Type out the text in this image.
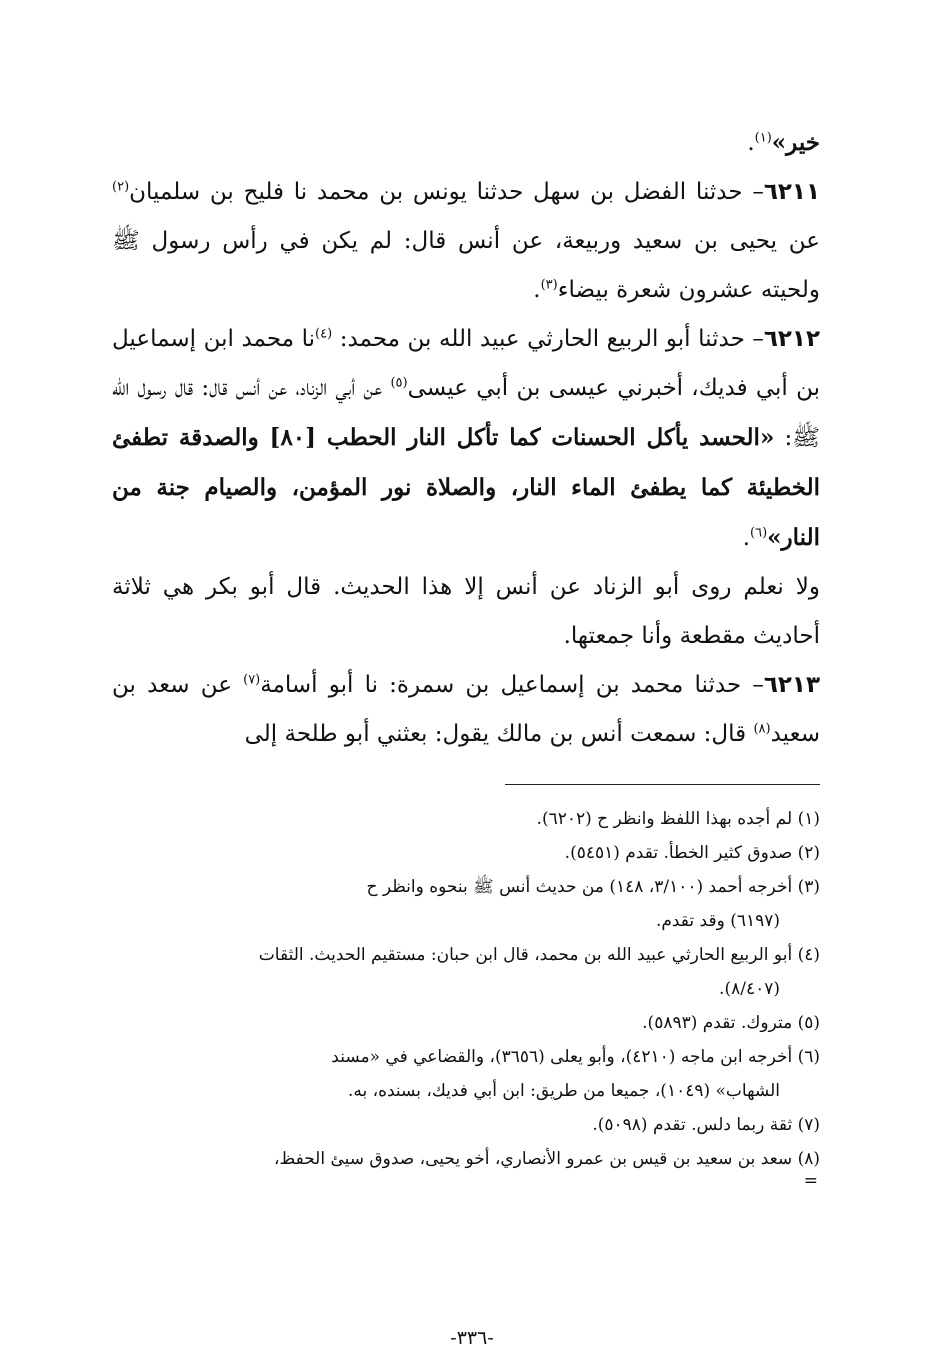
خير»$^{(١)}$.

٦٢١١– حدثنا الفضل بن سهل حدثنا يونس بن محمد نا فليح بن سلميان$^{(٢)}$ عن يحيى بن سعيد وربيعة، عن أنس قال: لم يكن في رأس رسول ﷺ ولحيته عشرون شعرة بيضاء$^{(٣)}$.

٦٢١٢– حدثنا أبو الربيع الحارثي عبيد الله بن محمد: $^{(٤)}$نا محمد ابن إسماعيل بن أبي فديك، أخبرني عيسى بن أبي عيسى$^{(٥)}$ عن أبي الزناد، عن أنس قال: قال رسول الله ﷺ: «الحسد يأكل الحسنات كما تأكل النار الحطب [٨٠] والصدقة تطفئ الخطيئة كما يطفئ الماء النار، والصلاة نور المؤمن، والصيام جنة من النار»$^{(٦)}$.

ولا نعلم روى أبو الزناد عن أنس إلا هذا الحديث. قال أبو بكر هي ثلاثة أحاديث مقطعة وأنا جمعتها.

٦٢١٣– حدثنا محمد بن إسماعيل بن سمرة: نا أبو أسامة$^{(٧)}$ عن سعد بن سعيد$^{(٨)}$ قال: سمعت أنس بن مالك يقول: بعثني أبو طلحة إلى

(١) لم أجده بهذا اللفظ وانظر ح (٦٢٠٢).

(٢) صدوق كثير الخطأ. تقدم (٥٤٥١).

(٣) أخرجه أحمد (٣/١٠٠، ١٤٨) من حديث أنس ﷺ بنحوه وانظر ح

(٦١٩٧) وقد تقدم.

(٤) أبو الربيع الحارثي عبيد الله بن محمد، قال ابن حبان: مستقيم الحديث. الثقات

(٨/٤٠٧).

(٥) متروك. تقدم (٥٨٩٣).

(٦) أخرجه ابن ماجه (٤٢١٠)، وأبو يعلى (٣٦٥٦)، والقضاعي في «مسند

الشهاب» (١٠٤٩)، جميعا من طريق: ابن أبي فديك، بسنده، به.

(٧) ثقة ربما دلس. تقدم (٥٠٩٨).

(٨) سعد بن سعيد بن قيس بن عمرو الأنصاري، أخو يحيى، صدوق سيئ الحفظ،

=
-٣٣٦-
